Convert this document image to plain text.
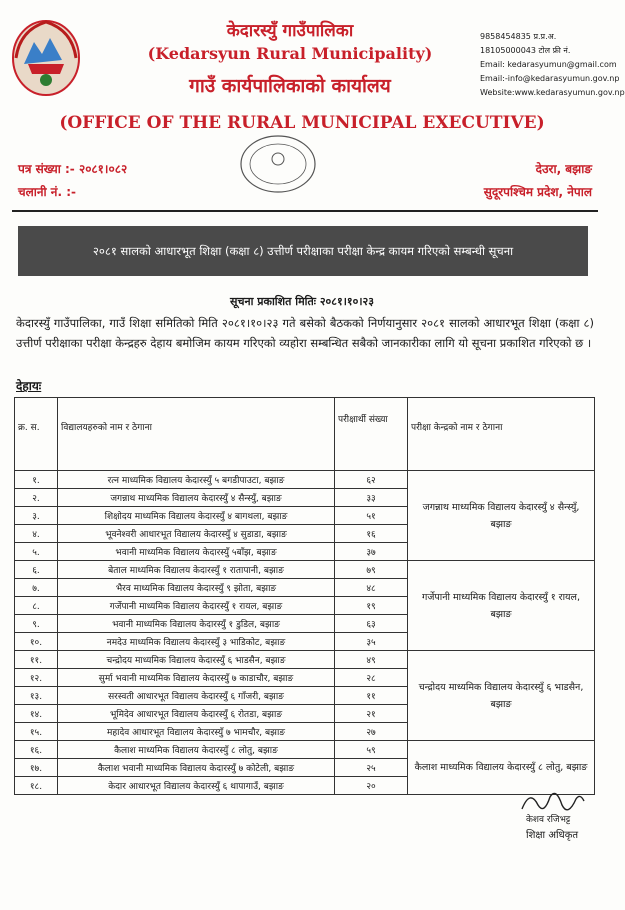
केदारस्युँ गाउँपालिका
(Kedarsyun Rural Municipality)
गाउँ कार्यपालिकाको कार्यालय
9858454835 प्र.प्र.अ.
18105000043 टोल फ्री नं.
Email: kedarasyumun@gmail.com
Email:-info@kedarasyumun.gov.np
Website:www.kedarasyumun.gov.np
(OFFICE OF THE RURAL MUNICIPAL EXECUTIVE)
पत्र संख्या :- २०८१।०८२
चलानी नं. :-
देउरा, बझाङ
सुदूरपश्चिम प्रदेश, नेपाल
२०८१ सालको आधारभूत शिक्षा (कक्षा ८) उत्तीर्ण परीक्षाका परीक्षा केन्द्र कायम गरिएको सम्बन्धी सूचना
सूचना प्रकाशित मितिः २०८१।१०।२३
केदारस्युँ गाउँपालिका, गाउँ शिक्षा समितिको मिति २०८१।१०।२३ गते बसेको बैठकको निर्णयानुसार २०८१ सालको आधारभूत शिक्षा (कक्षा ८) उत्तीर्ण परीक्षाका परीक्षा केन्द्रहरु देहाय बमोजिम कायम गरिएको व्यहोरा सम्बन्धित सबैको जानकारीका लागि यो सूचना प्रकाशित गरिएको छ ।
देहायः
क्र. स.	विद्यालयहरुको नाम र ठेगाना	परीक्षार्थी संख्या	परीक्षा केन्द्रको नाम र ठेगाना
१.	रत्न माध्यमिक विद्यालय केदारस्युँ ५ बगडीपाउटा, बझाङ	६२	जगन्नाथ माध्यमिक विद्यालय केदारस्युँ ४ सैन्स्युँ, बझाङ
२.	जगन्नाथ माध्यमिक विद्यालय केदारस्युँ ४ सैन्स्युँ, बझाङ	३३	
३.	शिक्षोदय माध्यमिक विद्यालय केदारस्युँ ४ बागथला, बझाङ	५१	
४.	भूवनेश्वरी आधारभूत विद्यालय केदारस्युँ ४ सुडाडा, बझाङ	१६	
५.	भवानी माध्यमिक विद्यालय केदारस्युँ ५बाँझ, बझाङ	३७	
६.	बेताल माध्यमिक विद्यालय केदारस्युँ १ रातापानी, बझाङ	७९	गर्जेपानी माध्यमिक विद्यालय केदारस्युँ १ रायल, बझाङ
७.	भैरव माध्यमिक विद्यालय केदारस्युँ ९ झोता, बझाङ	४८	
८.	गर्जेपानी माध्यमिक विद्यालय केदारस्युँ १ रायल, बझाङ	१९	
९.	भवानी माध्यमिक विद्यालय केदारस्युँ १ डुडिल, बझाङ	६३	
१०.	नमदेउ माध्यमिक विद्यालय केदारस्युँ ३ भाडिकोट, बझाङ	३५	
११.	चन्द्रोदय माध्यमिक विद्यालय केदारस्युँ ६ भाडसैन, बझाङ	४९	चन्द्रोदय माध्यमिक विद्यालय केदारस्युँ ६ भाडसैन, बझाङ
१२.	सुर्मा भवानी माध्यमिक विद्यालय केदारस्युँ ७ काडाचौर, बझाङ	२८	
१३.	सरस्वती आधारभूत विद्यालय केदारस्युँ ६ गाँजरी, बझाङ	११	
१४.	भूमिदेव आधारभूत विद्यालय केदारस्युँ ६ रोतडा, बझाङ	२१	
१५.	महादेव आधारभूत विद्यालय केदारस्युँ ७ भामचौर, बझाङ	२७	
१६.	कैलाश माध्यमिक विद्यालय केदारस्युँ ८ लोतु, बझाङ	५९	कैलाश माध्यमिक विद्यालय केदारस्युँ ८ लोतु, बझाङ
१७.	कैलाश भवानी माध्यमिक विद्यालय केदारस्युँ ७ कोटेली, बझाङ	२५	
१८.	केदार आधारभूत विद्यालय केदारस्युँ ६ थापागाउँ, बझाङ	२०	
केशव रजिभट्ट
शिक्षा अधिकृत
